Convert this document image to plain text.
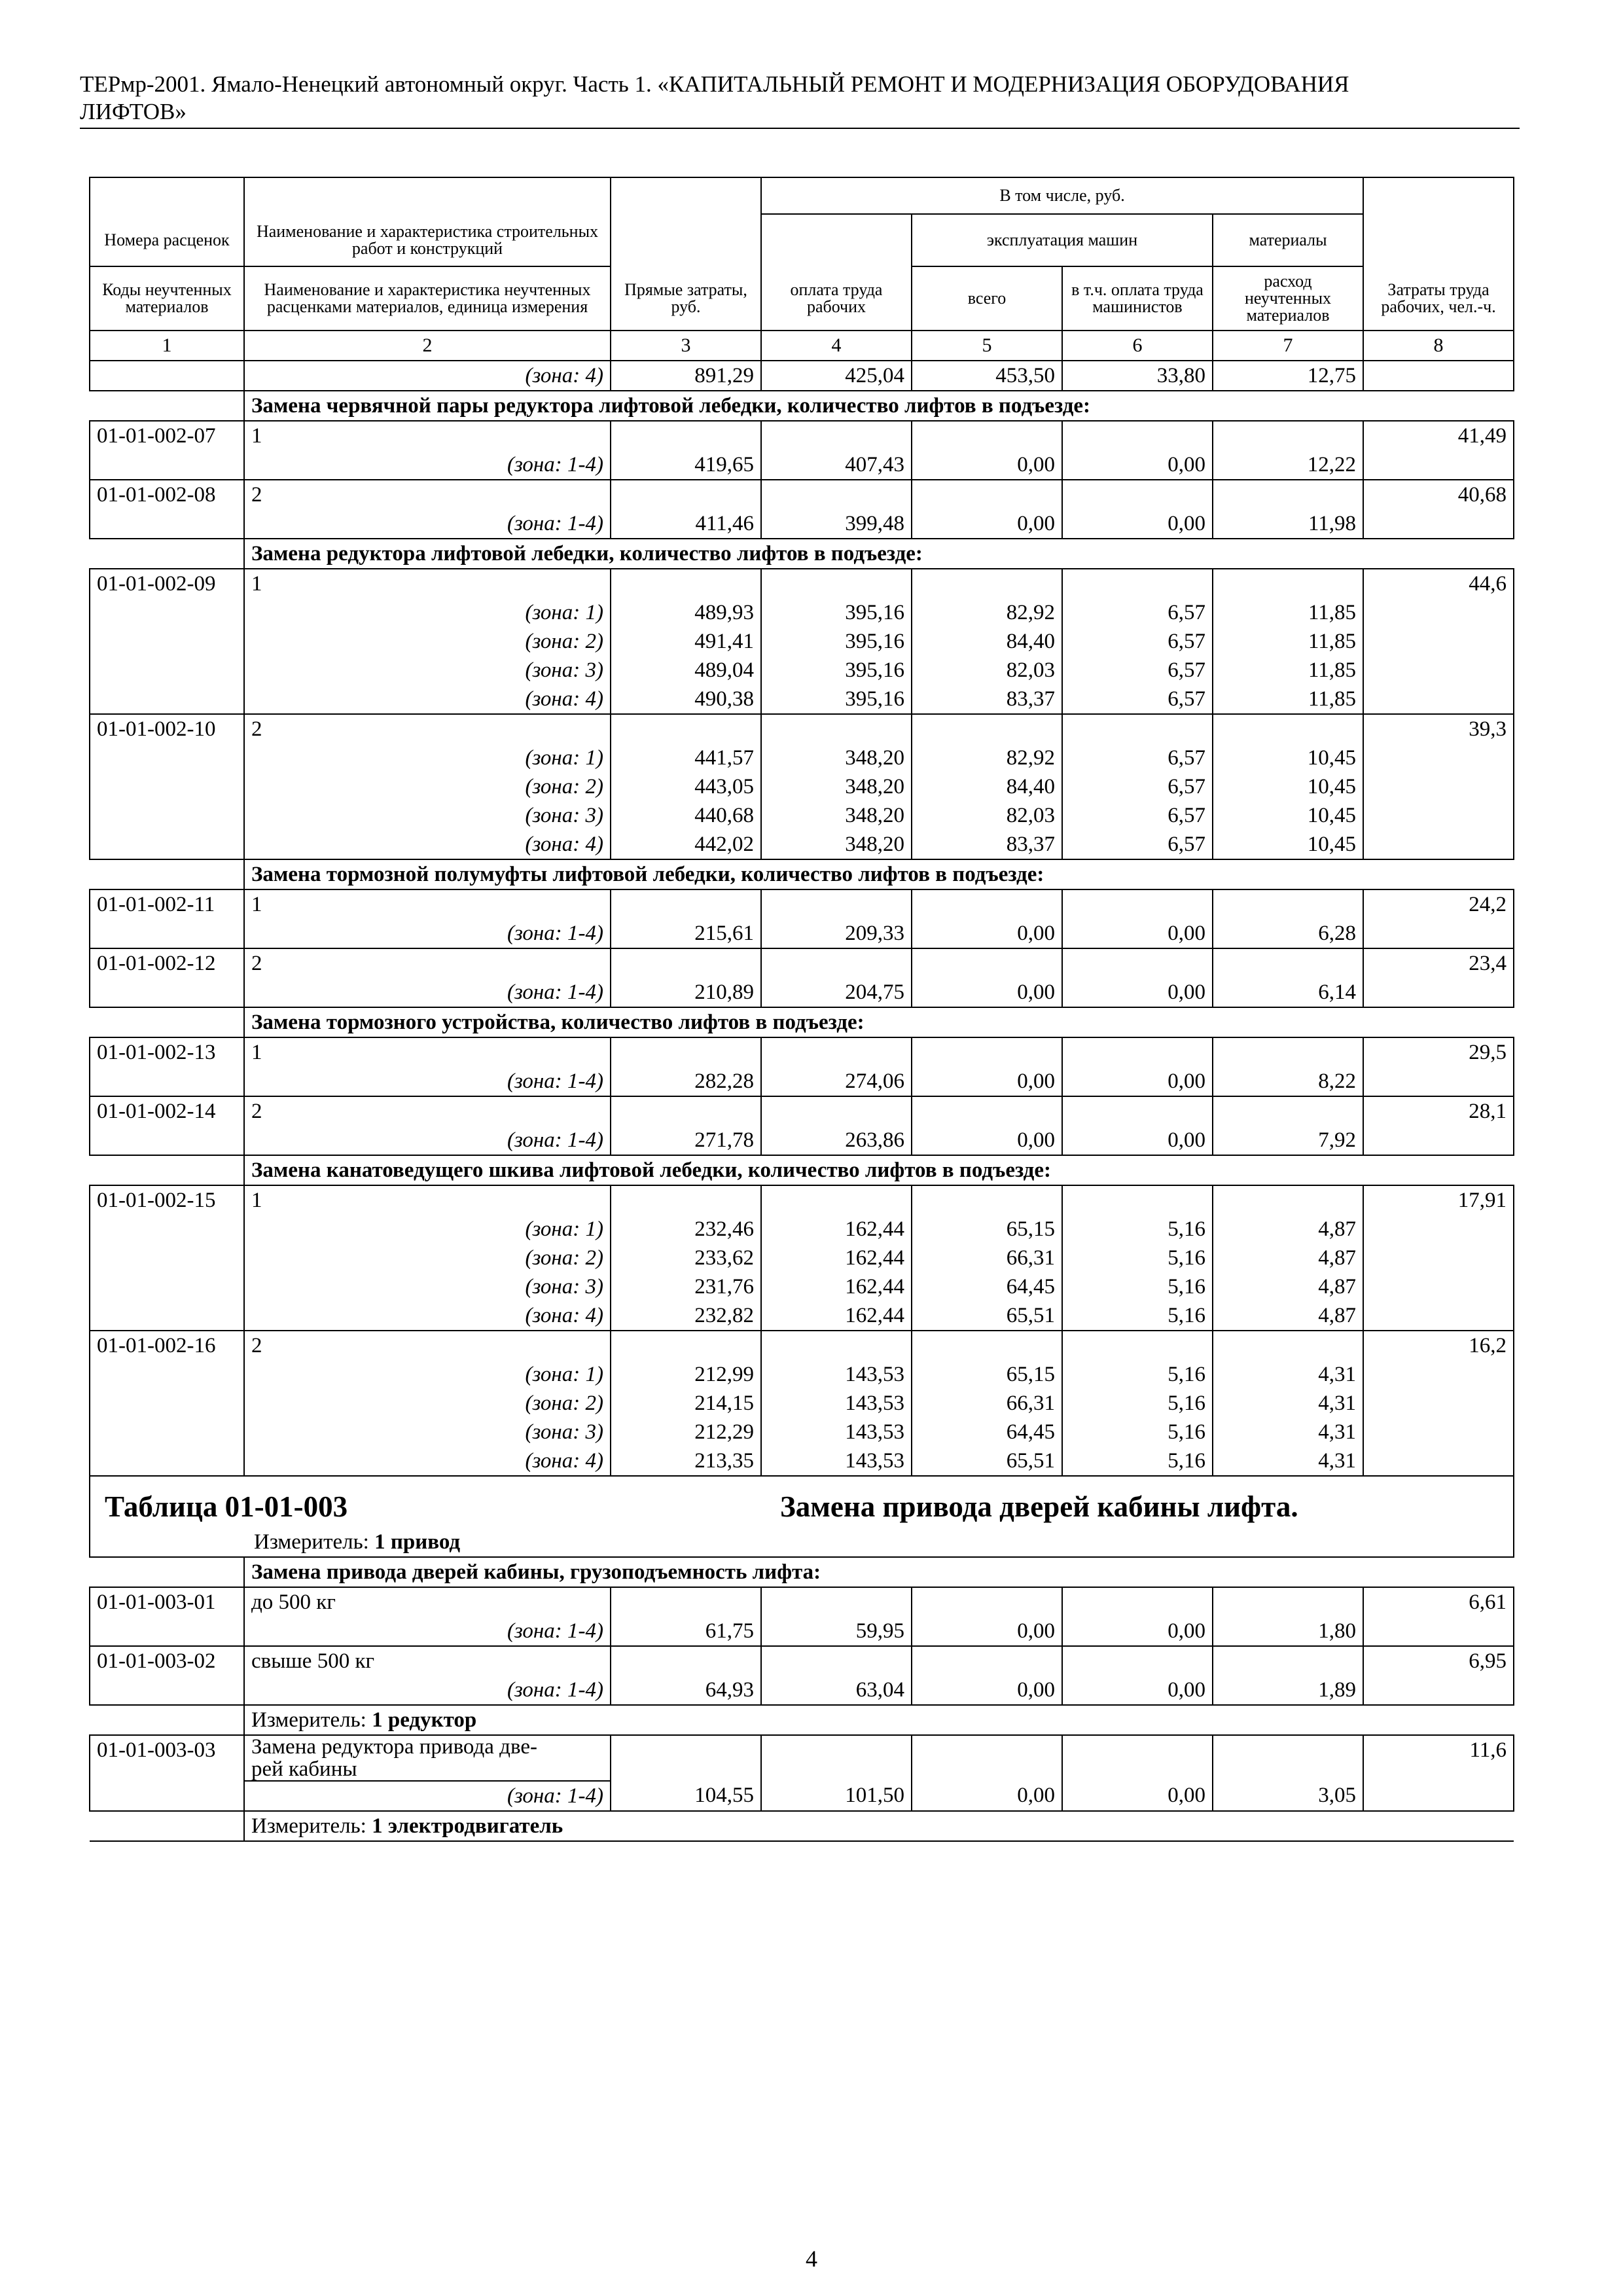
ТЕРмр-2001. Ямало-Ненецкий автономный округ. Часть 1. «КАПИТАЛЬНЫЙ РЕМОНТ И МОДЕРНИЗАЦИЯ ОБОРУДОВАНИЯ
ЛИФТОВ»
			В том числе, руб.				
Номера расценок	Наименование и характеристика строительных работ и конструкций			эксплуатация машин		материалы	
Коды неучтенных материалов	Наименование и характеристика неучтенных расценками материалов, единица измерения	Прямые затраты, руб.	оплата труда рабочих	всего	в т.ч. оплата труда машинистов	расход неучтенных материалов	Затраты труда рабочих, чел.-ч.
1	2	3	4	5	6	7	8
	(зона: 4)	891,29	425,04	453,50	33,80	12,75	
	Замена червячной пары редуктора лифтовой лебедки, количество лифтов в подъезде:						
01-01-002-07	1						41,49
	(зона: 1-4)	419,65	407,43	0,00	0,00	12,22	
01-01-002-08	2						40,68
	(зона: 1-4)	411,46	399,48	0,00	0,00	11,98	
	Замена редуктора лифтовой лебедки, количество лифтов в подъезде:						
01-01-002-09	1						44,6
	(зона: 1)	489,93	395,16	82,92	6,57	11,85	
	(зона: 2)	491,41	395,16	84,40	6,57	11,85	
	(зона: 3)	489,04	395,16	82,03	6,57	11,85	
	(зона: 4)	490,38	395,16	83,37	6,57	11,85	
01-01-002-10	2						39,3
	(зона: 1)	441,57	348,20	82,92	6,57	10,45	
	(зона: 2)	443,05	348,20	84,40	6,57	10,45	
	(зона: 3)	440,68	348,20	82,03	6,57	10,45	
	(зона: 4)	442,02	348,20	83,37	6,57	10,45	
	Замена тормозной полумуфты лифтовой лебедки, количество лифтов в подъезде:						
01-01-002-11	1						24,2
	(зона: 1-4)	215,61	209,33	0,00	0,00	6,28	
01-01-002-12	2						23,4
	(зона: 1-4)	210,89	204,75	0,00	0,00	6,14	
	Замена тормозного устройства, количество лифтов в подъезде:						
01-01-002-13	1						29,5
	(зона: 1-4)	282,28	274,06	0,00	0,00	8,22	
01-01-002-14	2						28,1
	(зона: 1-4)	271,78	263,86	0,00	0,00	7,92	
	Замена канатоведущего шкива лифтовой лебедки, количество лифтов в подъезде:						
01-01-002-15	1						17,91
	(зона: 1)	232,46	162,44	65,15	5,16	4,87	
	(зона: 2)	233,62	162,44	66,31	5,16	4,87	
	(зона: 3)	231,76	162,44	64,45	5,16	4,87	
	(зона: 4)	232,82	162,44	65,51	5,16	4,87	
01-01-002-16	2						16,2
	(зона: 1)	212,99	143,53	65,15	5,16	4,31	
	(зона: 2)	214,15	143,53	66,31	5,16	4,31	
	(зона: 3)	212,29	143,53	64,45	5,16	4,31	
	(зона: 4)	213,35	143,53	65,51	5,16	4,31	

Таблица 01-01-003 Замена привода дверей кабины лифта.
Измеритель: 1 привод							

	Замена привода дверей кабины, грузоподъемность лифта:						
01-01-003-01	до 500 кг						6,61
	(зона: 1-4)	61,75	59,95	0,00	0,00	1,80	
01-01-003-02	свыше 500 кг						6,95
	(зона: 1-4)	64,93	63,04	0,00	0,00	1,89	
	Измеритель: 1 редуктор						
01-01-003-03	Замена редуктора привода две-
рей кабины						11,6
	(зона: 1-4)	104,55	101,50	0,00	0,00	3,05	
	Измеритель: 1 электродвигатель						
4
